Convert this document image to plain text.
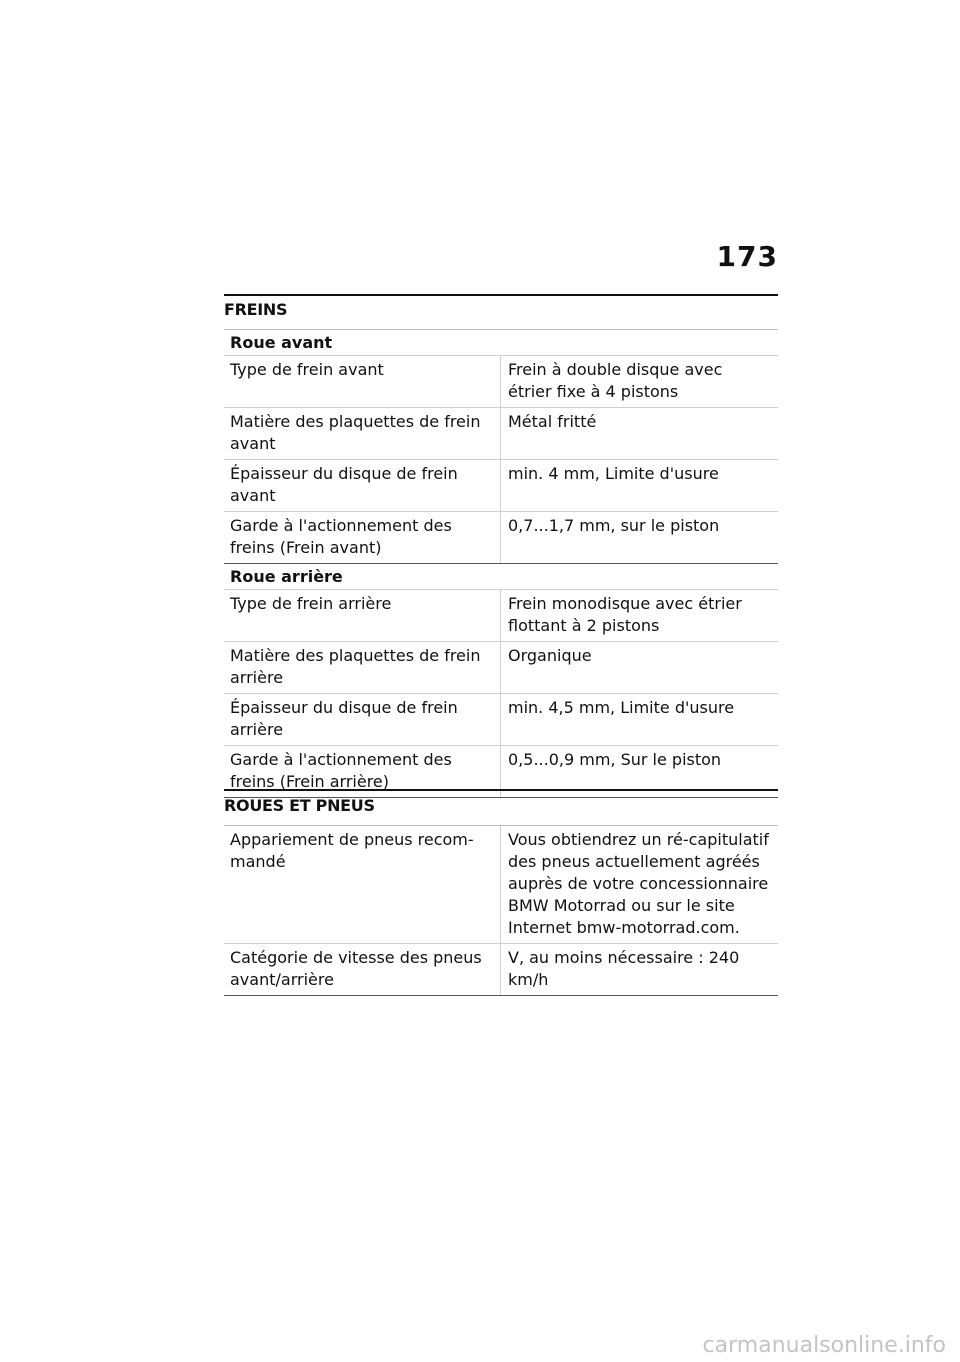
173
FREINS
Roue avant
Type de frein avant	Frein à double disque avec étrier fixe à 4 pistons
Matière des plaquettes de frein avant
Métal fritté
Épaisseur du disque de frein avant
min. 4 mm, Limite d'usure
Garde à l'actionnement des freins (Frein avant)
0,7...1,7 mm, sur le piston
Roue arrière
Type de frein arrière	Frein monodisque avec étrier flottant à 2 pistons
Matière des plaquettes de frein arrière
Organique
Épaisseur du disque de frein arrière
min. 4,5 mm, Limite d'usure
Garde à l'actionnement des freins (Frein arrière)
0,5...0,9 mm, Sur le piston
ROUES ET PNEUS
Appariement de pneus recom-mandé
Vous obtiendrez un ré-capitulatif des pneus actuellement agréés auprès de votre concessionnaire BMW Motorrad ou sur le site Internet bmw-motorrad.com.
Catégorie de vitesse des pneus avant/arrière
V, au moins nécessaire : 240 km/h
carmanualsonline.info
